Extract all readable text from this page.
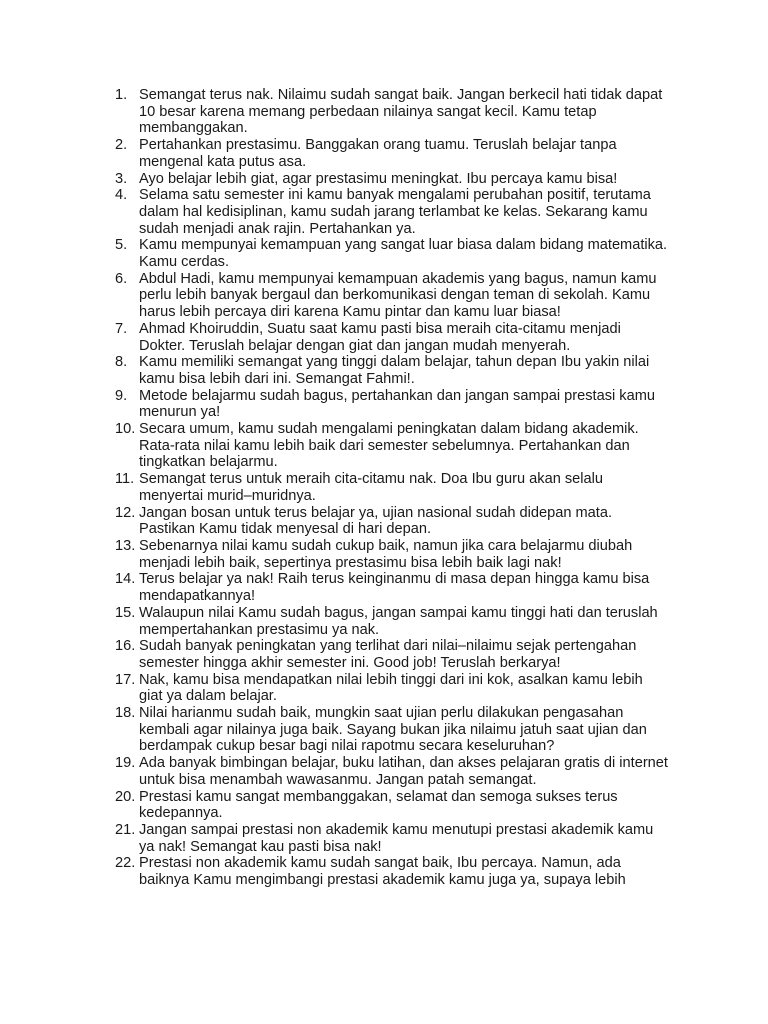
1. Semangat terus nak. Nilaimu sudah sangat baik. Jangan berkecil hati tidak dapat 10 besar karena memang perbedaan nilainya sangat kecil. Kamu tetap membanggakan.
2. Pertahankan prestasimu. Banggakan orang tuamu. Teruslah belajar tanpa mengenal kata putus asa.
3. Ayo belajar lebih giat, agar prestasimu meningkat. Ibu percaya kamu bisa!
4. Selama satu semester ini kamu banyak mengalami perubahan positif, terutama dalam hal kedisiplinan, kamu sudah jarang terlambat ke kelas. Sekarang kamu sudah menjadi anak rajin. Pertahankan ya.
5. Kamu mempunyai kemampuan yang sangat luar biasa dalam bidang matematika. Kamu cerdas.
6. Abdul Hadi, kamu mempunyai kemampuan akademis yang bagus, namun kamu perlu lebih banyak bergaul dan berkomunikasi dengan teman di sekolah. Kamu harus lebih percaya diri karena Kamu pintar dan kamu luar biasa!
7. Ahmad Khoiruddin, Suatu saat kamu pasti bisa meraih cita-citamu menjadi Dokter. Teruslah belajar dengan giat dan jangan mudah menyerah.
8. Kamu memiliki semangat yang tinggi dalam belajar, tahun depan Ibu yakin nilai kamu bisa lebih dari ini. Semangat Fahmi!.
9. Metode belajarmu sudah bagus, pertahankan dan jangan sampai prestasi kamu menurun ya!
10. Secara umum, kamu sudah mengalami peningkatan dalam bidang akademik. Rata-rata nilai kamu lebih baik dari semester sebelumnya. Pertahankan dan tingkatkan belajarmu.
11. Semangat terus untuk meraih cita-citamu nak. Doa Ibu guru akan selalu menyertai murid–muridnya.
12. Jangan bosan untuk terus belajar ya, ujian nasional sudah didepan mata. Pastikan Kamu tidak menyesal di hari depan.
13. Sebenarnya nilai kamu sudah cukup baik, namun jika cara belajarmu diubah menjadi lebih baik, sepertinya prestasimu bisa lebih baik lagi nak!
14. Terus belajar ya nak! Raih terus keinginanmu di masa depan hingga kamu bisa mendapatkannya!
15. Walaupun nilai Kamu sudah bagus, jangan sampai kamu tinggi hati dan teruslah mempertahankan prestasimu ya nak.
16. Sudah banyak peningkatan yang terlihat dari nilai–nilaimu sejak pertengahan semester hingga akhir semester ini. Good job! Teruslah berkarya!
17. Nak, kamu bisa mendapatkan nilai lebih tinggi dari ini kok, asalkan kamu lebih giat ya dalam belajar.
18. Nilai harianmu sudah baik, mungkin saat ujian perlu dilakukan pengasahan kembali agar nilainya juga baik. Sayang bukan jika nilaimu jatuh saat ujian dan berdampak cukup besar bagi nilai rapotmu secara keseluruhan?
19. Ada banyak bimbingan belajar, buku latihan, dan akses pelajaran gratis di internet untuk bisa menambah wawasanmu. Jangan patah semangat.
20. Prestasi kamu sangat membanggakan, selamat dan semoga sukses terus kedepannya.
21. Jangan sampai prestasi non akademik kamu menutupi prestasi akademik kamu ya nak! Semangat kau pasti bisa nak!
22. Prestasi non akademik kamu sudah sangat baik, Ibu percaya. Namun, ada baiknya Kamu mengimbangi prestasi akademik kamu juga ya, supaya lebih
